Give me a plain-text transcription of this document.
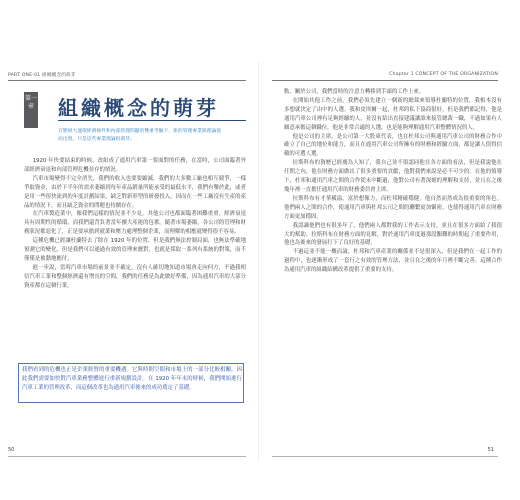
PART ONE-01 組織概念的萌芽
第一章 組織概念的萌芽

百態組大運環經濟條件和內部管理問題的雙重考驗下，新的管理專業與理論從

而出現，只是這些專業理論很萌芽。

1920 年快要結束的時候，改組成了通用汽車第一要面對的任務，在當時，公司面臨著外部經濟衰退和內部管理危機並存的情況。

汽車市場變得不完全消失，我們的收入也要要縮減，我們的大多數工廠也相互競爭，一樣爭取資金，由於下半年的需求萎縮到每年產品銷量所能承受的最低水平，我們有鑒於此，或者是用一些很快流到的年度計劃結果，缺乏對新車型的研發投入，因而在一些工廠沒有生產的產品的情況下，而且缺乏資金的問題也持續存在。

在汽車製造業中，像我們這樣的情況並不少見，其他公司也都面臨著困難重重。經濟衰退具有周期性的循環，而我們還背負著當年擴大產能的包袱。隨著市場萎縮，各公司的管理和財務狀況都惡化了，正是要承擔到就業和壓力處理整個企業，而理解的相應就變得很不容易。

這種危機已經讓杜蘭特去了除在 1920 年的位置，但是我們無法控制局面，也無法準確地預測它的變化。但是我們可以通過有效的管理來應對，也就是採取一系列有系統的對策，而不僅僅是被動地應付。

進一步說，當時汽車市場的前景並不確定，沒有人確切地知道市場會走向何方，不過我相信汽車工業和整個經濟還有增長的空間，我們的任務是為此做好準備，因為通用汽車的大部分資產都在這個行業。

我們看到的危機也正是企業經營的重要機遇。它與時間空間和市場上的一部分比較相關，因此我們需要加快對汽車業務整體進行重新規劃設計。在 1920 年年末的時候，我們開始進行汽車工業的管理改革，而這個改革也為通用汽車後來的成功奠定了基礎。
50
Chapter 1 CONCEPT OF THE ORGANIZATION

點，關於公司，我們當時的注意力轉移到手頭的工作上來。

在開始其他工作之前，我們必須先建立一個新的總裁來領導杜蘭特的位置，我根本沒有多想就決定了由中的人選。我和皮埃爾一起，杜邦的私下協商很好，但是我們都記得，他是通用汽車公司裡有足夠經驗的人，並沒有給出直接建議讓誰來接管總裁一職，不過如果有人願意承擔這個職位，他是非常合適的人選，也是能夠理解通用汽車整體情況的人。

他是公司的主席，是公司第一大股東代表，也在杜邦公司與通用汽車公司的財務合作中確立了自己的地位和能力，而且在通用汽車公司所擁有的財務和經驗方面，都是讓人值得信賴的可選人選。

拉斯科布的資歷已經廣為人知了，我自己並不很認同他在各方面的看法，但是我說他在任期之內，他在財務方面做出了很多重要的貢獻，他對我們來說是必不可少的。在他的領導下，杜邦和通用汽車之間的合作從未中斷過，他對公司有著深刻的理解和支持，並且在之後幾年裡一直擔任通用汽車的財務委員會主席。

拉斯科布有才華橫溢，富於想像力，而杜邦精確穩健，他自然而然成為很重要的角色。他們兩人之間的合作，使通用汽車與杜邦公司之間的聯繫更加緊密，也使得通用汽車在財務方面更加穩固。

我認識他們也有很多年了，他們兩人都對我的工作表示支持，並且在很多方面給了我很大的幫助。拉斯科布在財務方面的見解，對於通用汽車度過那段艱難的時期起了重要作用，他也為後來的發展打下了良好的基礎。

不過這並不能一概而論，杜邦和汽車產業的關係並不是很深入，但是我們在一起工作的過程中，也逐漸形成了一套行之有效的管理方法，並且在之後的年月裡不斷完善。這種合作為通用汽車的組織結構改革提供了重要的支持。

51
